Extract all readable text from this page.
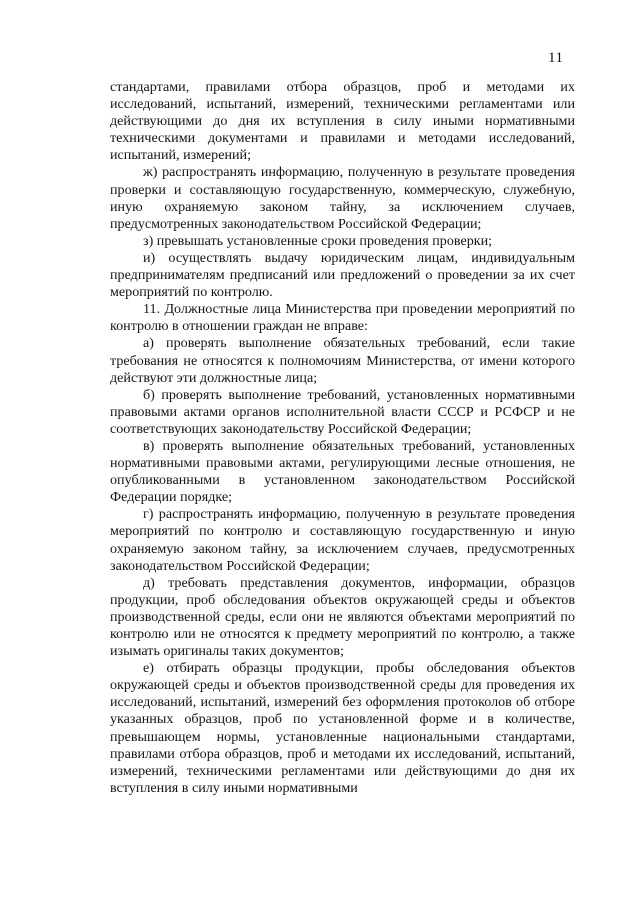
11

стандартами, правилами отбора образцов, проб и методами их исследований, испытаний, измерений, техническими регламентами или действующими до дня их вступления в силу иными нормативными техническими документами и правилами и методами исследований, испытаний, измерений;

ж) распространять информацию, полученную в результате проведения проверки и составляющую государственную, коммерческую, служебную, иную охраняемую законом тайну, за исключением случаев, предусмотренных законодательством Российской Федерации;

з) превышать установленные сроки проведения проверки;

и) осуществлять выдачу юридическим лицам, индивидуальным предпринимателям предписаний или предложений о проведении за их счет мероприятий по контролю.

11. Должностные лица Министерства при проведении мероприятий по контролю в отношении граждан не вправе:

а) проверять выполнение обязательных требований, если такие требования не относятся к полномочиям Министерства, от имени которого действуют эти должностные лица;

б) проверять выполнение требований, установленных нормативными правовыми актами органов исполнительной власти СССР и РСФСР и не соответствующих законодательству Российской Федерации;

в) проверять выполнение обязательных требований, установленных нормативными правовыми актами, регулирующими лесные отношения, не опубликованными в установленном законодательством Российской Федерации порядке;

г) распространять информацию, полученную в результате проведения мероприятий по контролю и составляющую государственную и иную охраняемую законом тайну, за исключением случаев, предусмотренных законодательством Российской Федерации;

д) требовать представления документов, информации, образцов продукции, проб обследования объектов окружающей среды и объектов производственной среды, если они не являются объектами мероприятий по контролю или не относятся к предмету мероприятий по контролю, а также изымать оригиналы таких документов;

е) отбирать образцы продукции, пробы обследования объектов окружающей среды и объектов производственной среды для проведения их исследований, испытаний, измерений без оформления протоколов об отборе указанных образцов, проб по установленной форме и в количестве, превышающем нормы, установленные национальными стандартами, правилами отбора образцов, проб и методами их исследований, испытаний, измерений, техническими регламентами или действующими до дня их вступления в силу иными нормативными
